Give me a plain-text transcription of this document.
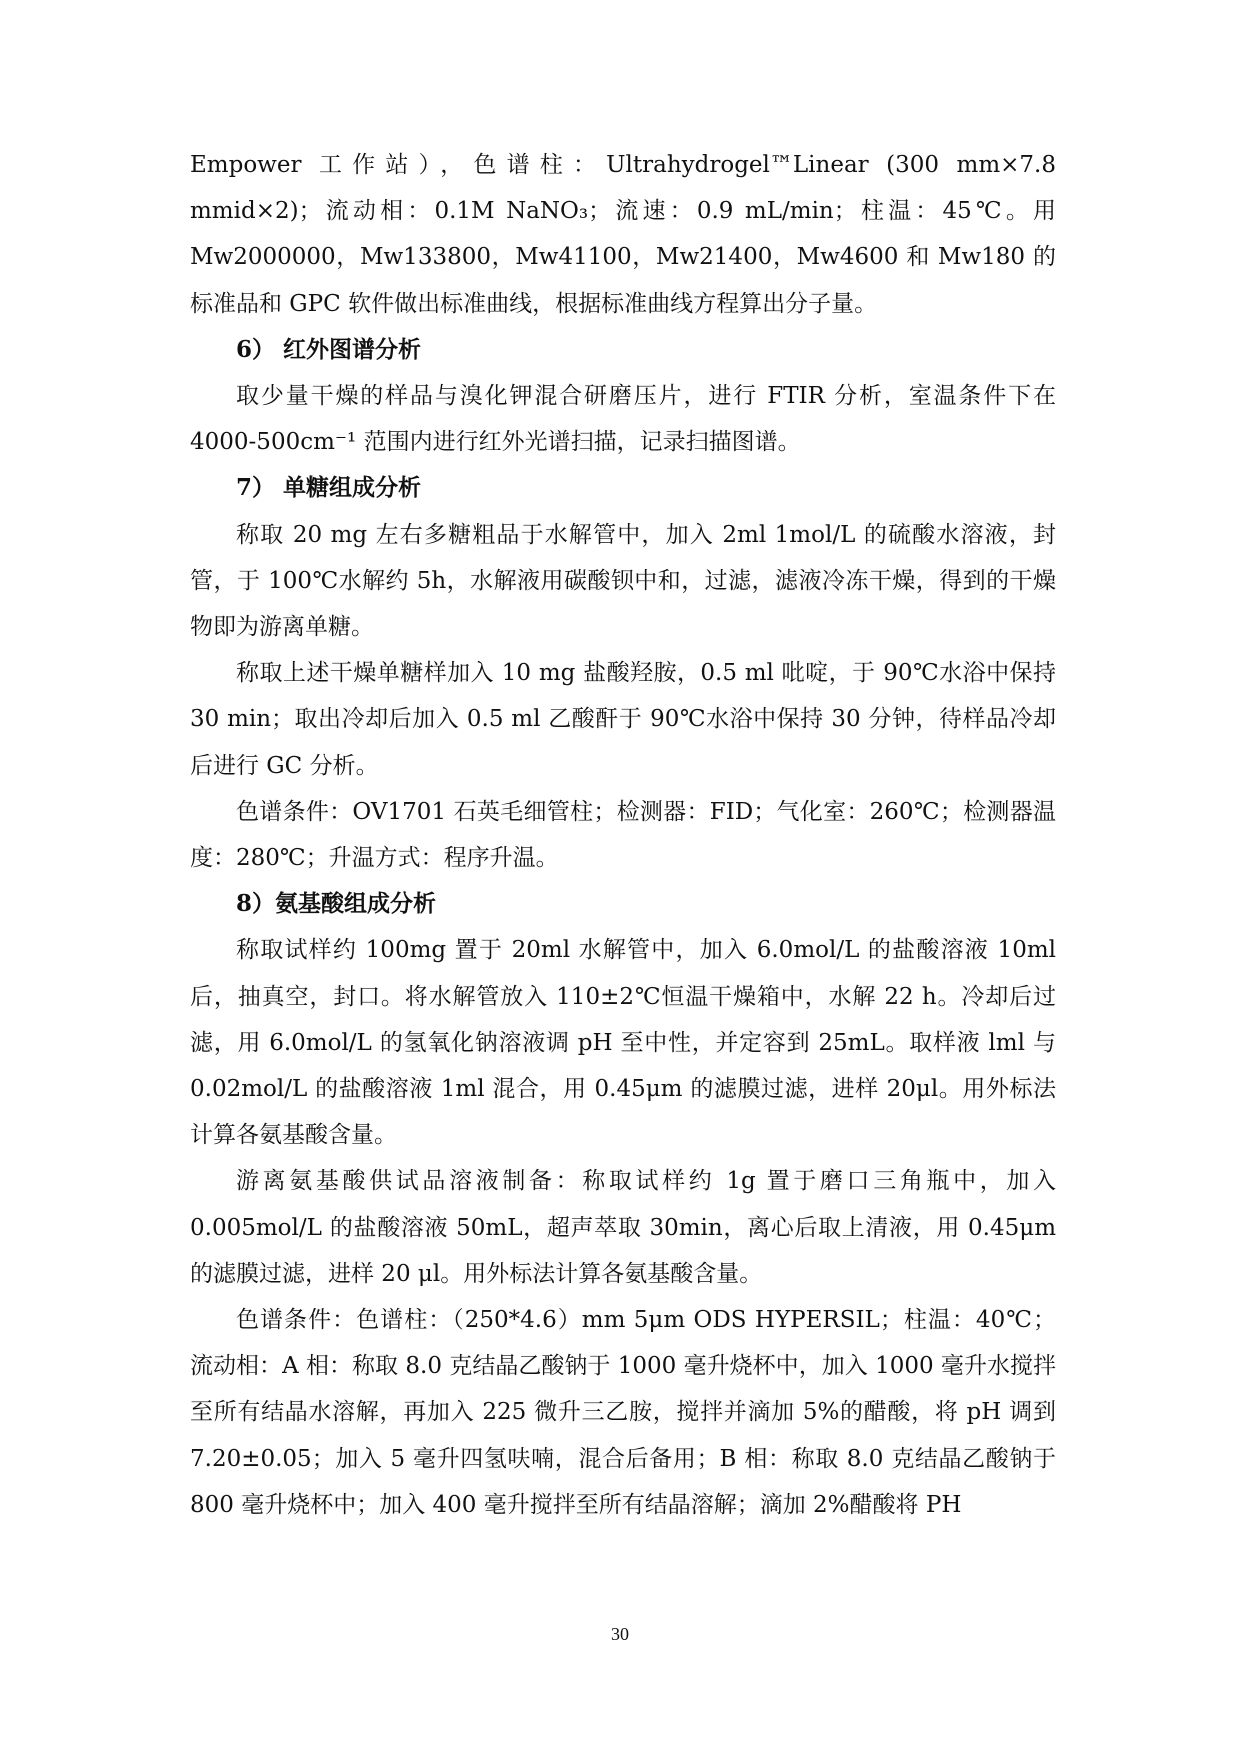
Empower 工作站），色谱柱：Ultrahydrogel™Linear (300 mm×7.8 mmid×2)；流动相：0.1M NaNO₃；流速：0.9 mL/min；柱温：45℃。用 Mw2000000，Mw133800，Mw41100，Mw21400，Mw4600 和 Mw180 的标准品和 GPC 软件做出标准曲线，根据标准曲线方程算出分子量。

6） 红外图谱分析

取少量干燥的样品与溴化钾混合研磨压片，进行 FTIR 分析，室温条件下在 4000-500cm⁻¹ 范围内进行红外光谱扫描，记录扫描图谱。

7） 单糖组成分析

称取 20 mg 左右多糖粗品于水解管中，加入 2ml 1mol/L 的硫酸水溶液，封管，于 100℃水解约 5h，水解液用碳酸钡中和，过滤，滤液冷冻干燥，得到的干燥物即为游离单糖。

称取上述干燥单糖样加入 10 mg 盐酸羟胺，0.5 ml 吡啶，于 90℃水浴中保持 30 min；取出冷却后加入 0.5 ml 乙酸酐于 90℃水浴中保持 30 分钟，待样品冷却后进行 GC 分析。

色谱条件：OV1701 石英毛细管柱；检测器：FID；气化室：260℃；检测器温度：280℃；升温方式：程序升温。

8）氨基酸组成分析

称取试样约 100mg 置于 20ml 水解管中，加入 6.0mol/L 的盐酸溶液 10ml 后，抽真空，封口。将水解管放入 110±2℃恒温干燥箱中，水解 22 h。冷却后过滤，用 6.0mol/L 的氢氧化钠溶液调 pH 至中性，并定容到 25mL。取样液 lml 与 0.02mol/L 的盐酸溶液 1ml 混合，用 0.45μm 的滤膜过滤，进样 20μl。用外标法计算各氨基酸含量。

游离氨基酸供试品溶液制备：称取试样约 1g 置于磨口三角瓶中，加入 0.005mol/L 的盐酸溶液 50mL，超声萃取 30min，离心后取上清液，用 0.45μm 的滤膜过滤，进样 20 μl。用外标法计算各氨基酸含量。

色谱条件：色谱柱：（250*4.6）mm 5μm ODS HYPERSIL；柱温：40℃；流动相：A 相：称取 8.0 克结晶乙酸钠于 1000 毫升烧杯中，加入 1000 毫升水搅拌至所有结晶水溶解，再加入 225 微升三乙胺，搅拌并滴加 5%的醋酸，将 pH 调到 7.20±0.05；加入 5 毫升四氢呋喃，混合后备用；B 相：称取 8.0 克结晶乙酸钠于 800 毫升烧杯中；加入 400 毫升搅拌至所有结晶溶解；滴加 2%醋酸将 PH

30
